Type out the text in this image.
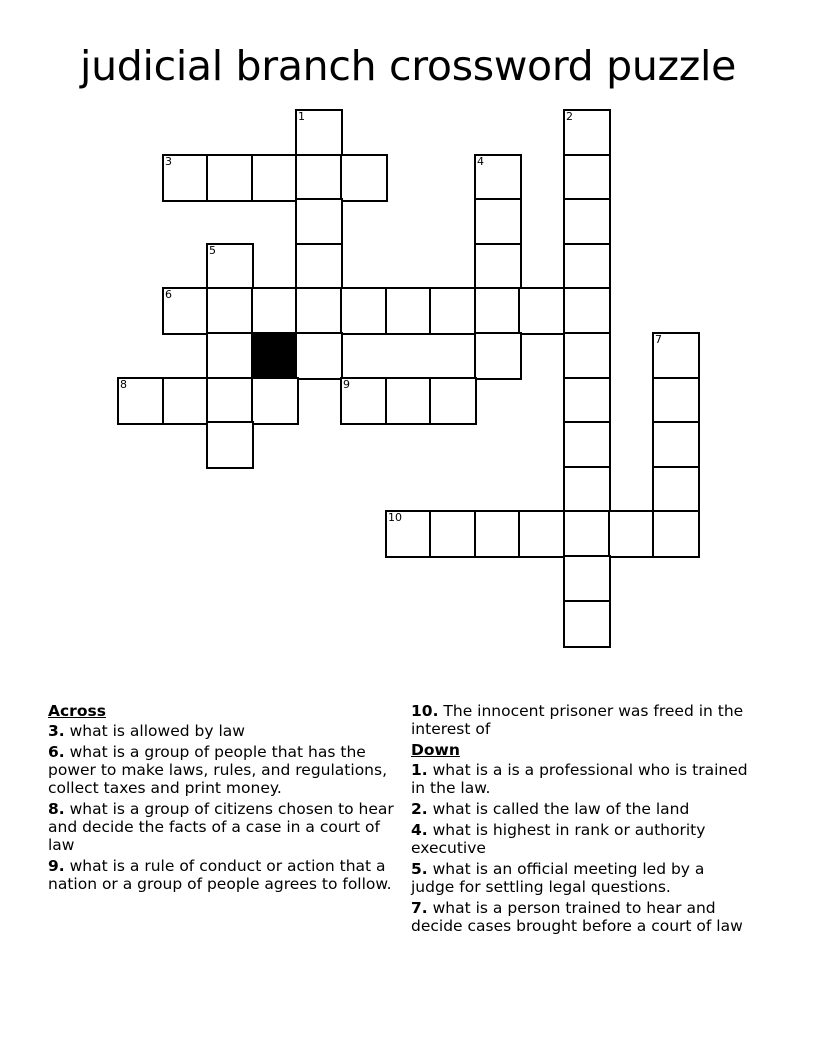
judicial branch crossword puzzle
1	2
3	4
5
6
7
8	9
10
Across
3. what is allowed by law
6. what is a group of people that has the power to make laws, rules, and regulations, collect taxes and print money.
8. what is a group of citizens chosen to hear and decide the facts of a case in a court of law
9. what is a rule of conduct or action that a nation or a group of people agrees to follow.
10. The innocent prisoner was freed in the interest of
Down
1. what is a is a professional who is trained in the law.
2. what is called the law of the land
4. what is highest in rank or authority executive
5. what is an official meeting led by a judge for settling legal questions.
7. what is a person trained to hear and decide cases brought before a court of law
